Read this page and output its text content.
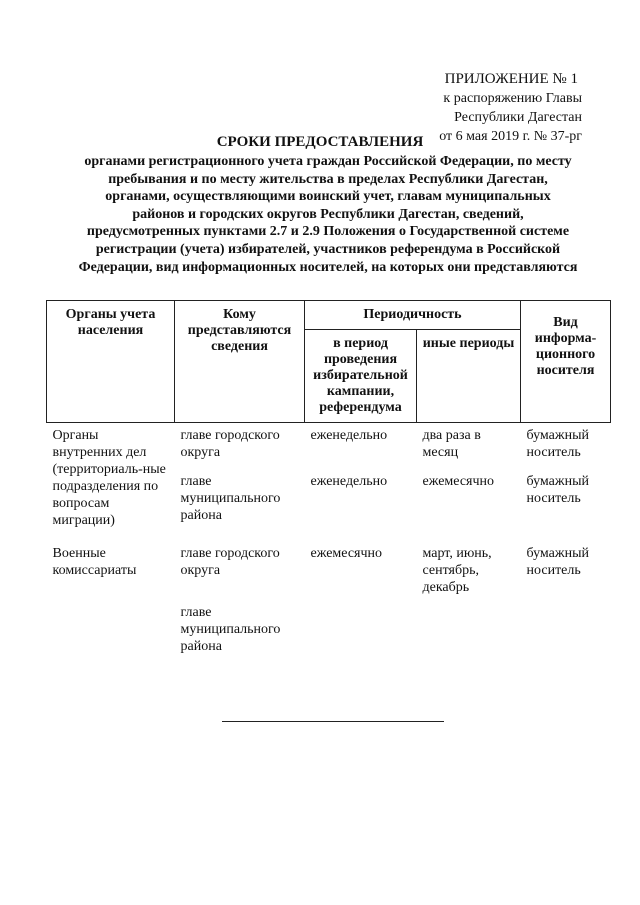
ПРИЛОЖЕНИЕ № 1
к распоряжению Главы
Республики Дагестан
от 6 мая 2019 г. № 37-рг
СРОКИ ПРЕДОСТАВЛЕНИЯ
органами регистрационного учета граждан Российской Федерации, по месту пребывания и по месту жительства в пределах Республики Дагестан, органами, осуществляющими воинский учет, главам муниципальных районов и городских округов Республики Дагестан, сведений, предусмотренных пунктами 2.7 и 2.9 Положения о Государственной системе регистрации (учета) избирателей, участников референдума в Российской Федерации, вид информационных носителей, на которых они представляются
Органы учета населения	Кому представляются сведения	Периодичность		Вид информа-ционного носителя
		в период проведения избирательной кампании, референдума	иные периоды	
Органы внутренних дел (территориаль-ные подразделения по вопросам миграции)	главе городского округа	еженедельно	два раза в месяц	бумажный носитель
	главе муниципального района	еженедельно	ежемесячно	бумажный носитель
Военные комиссариаты	главе городского округа	ежемесячно	март, июнь, сентябрь, декабрь	бумажный носитель
	главе муниципального района			
